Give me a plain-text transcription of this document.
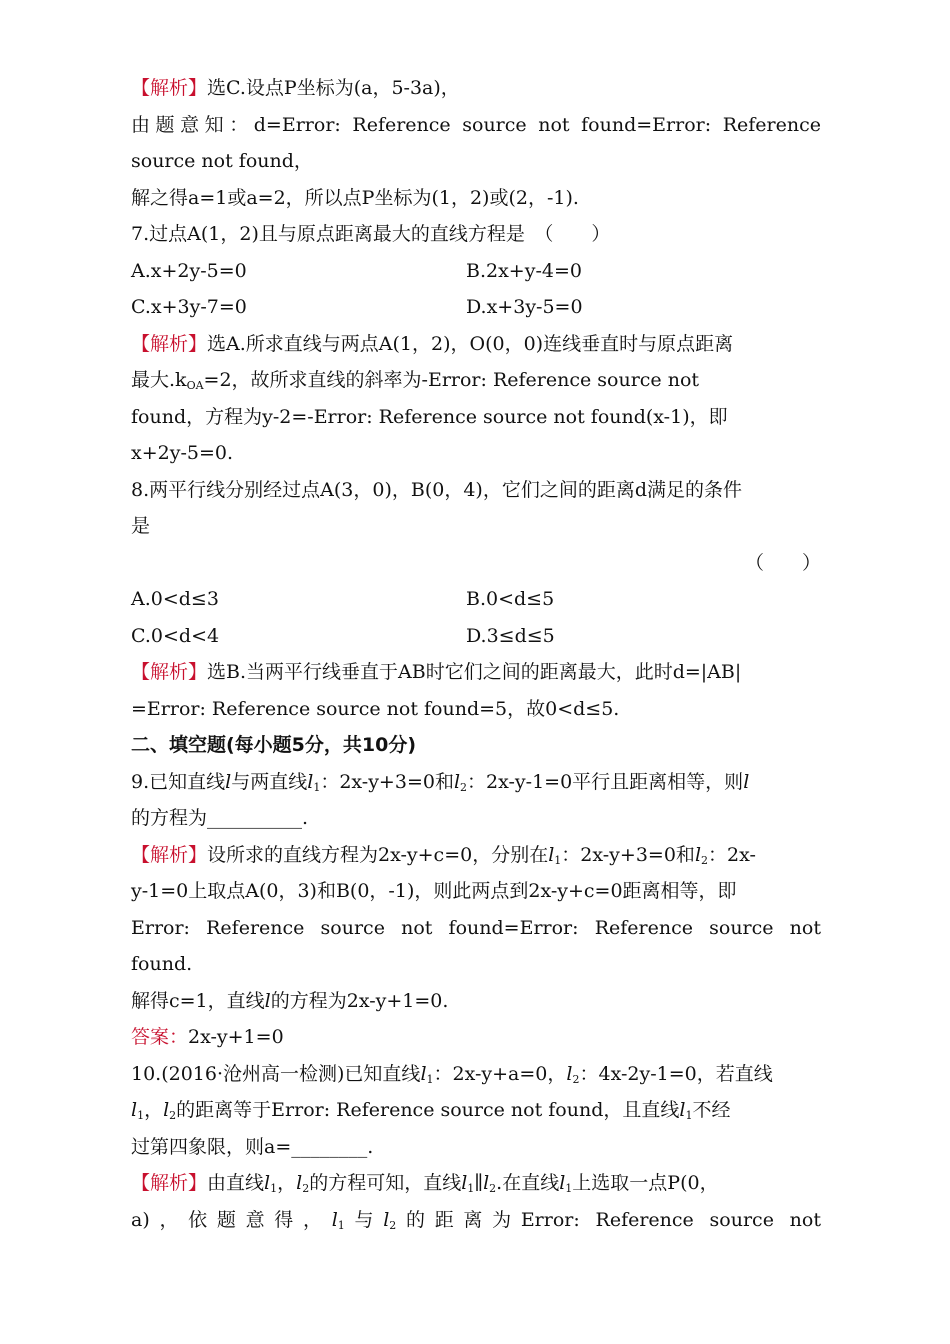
【解析】选C.设点P坐标为(a，5-3a)，
由题意知：d=Error: Reference source not found=Error: Reference
source not found，
解之得a=1或a=2，所以点P坐标为(1，2)或(2，-1).
7.过点A(1，2)且与原点距离最大的直线方程是　（　　）
A.x+2y-5=0	B.2x+y-4=0
C.x+3y-7=0	D.x+3y-5=0
【解析】选A.所求直线与两点A(1，2)，O(0，0)连线垂直时与原点距离
最大$.k_{OA}=2$，故所求直线的斜率为-Error: Reference source not
found，方程为y-2=-Error: Reference source not found(x-1)，即
x+2y-5=0.
8.两平行线分别经过点A(3，0)，B(0，4)，它们之间的距离d满足的条件
是
（　　）
A.0<d≤3	B.0<d≤5
C.0<d<4	D.3≤d≤5
【解析】选B.当两平行线垂直于AB时它们之间的距离最大，此时d=|AB|
=Error: Reference source not found=5，故0<d≤5.
二、填空题(每小题5分，共10分)
9.已知直线l与两直线$l_1$：2x-y+3=0和$l_2$：2x-y-1=0平行且距离相等，则l
的方程为__________.
【解析】设所求的直线方程为2x-y+c=0，分别在$l_1$：2x-y+3=0和$l_2$：2x-
y-1=0上取点A(0，3)和B(0，-1)，则此两点到2x-y+c=0距离相等，即
Error: Reference source not found=Error: Reference source not
found.
解得c=1，直线l的方程为2x-y+1=0.
答案：2x-y+1=0
10.(2016·沧州高一检测)已知直线$l_1$：2x-y+a=0，$l_2$：4x-2y-1=0，若直线
$l_1$，$l_2$的距离等于Error: Reference source not found，且直线$l_1$不经
过第四象限，则a=________.
【解析】由直线$l_1$，$l_2$的方程可知，直线$l_1\parallel l_2$.在直线$l_1$上选取一点P(0，
a)，依题意得，$l_1$与$l_2$的距离为Error: Reference source not
